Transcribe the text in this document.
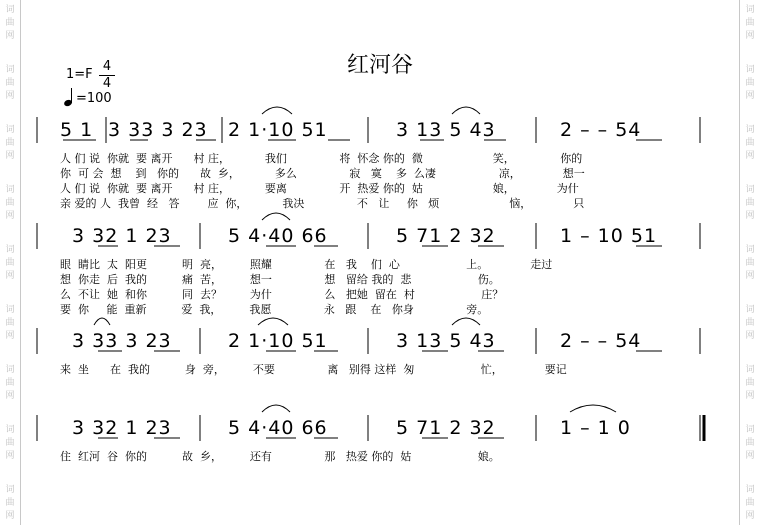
词
曲
网
词
曲
网
词
曲
网
词
曲
网
词
曲
网
词
曲
网
词
曲
网
词
曲
网
词
曲
网
词
曲
网
词
曲
网
词
曲
网
词
曲
网
词
曲
网
词
曲
网
词
曲
网
词
曲
网
词
曲
网
红河谷
1=F
4
4
=100
5 1 3 33 3 23 2 1·10 51	3 13 5 43	2 – – 54
人 们 说  你就  要 离开      村 庄，          我们               将  怀念 你的  微                    笑，             你的
你  可 会  想    到   你的      故  乡，          多么               寂   寞    多  么凄                  凉，            想一
人 们 说  你就  要 离开      村 庄，          要离               开  热爱 你的  姑                    娘，            为什
亲 爱的 人  我曾  经   答        应  你，          我决               不   让     你   烦                    恼，            只
3 32 1 23	5 4·40 66	5 71 2 32	1 – 10 51
眼  睛比  太  阳更          明  亮，        照耀               在   我    们  心                   上。            走过
想  你走  后  我的          痛  苦，        想一               想   留给 我的  悲                   伤。
么  不让  她  和你          同  去？        为什               么   把她  留在  村                   庄？
要  你     能  重新          爱  我，        我愿               永   跟    在   你身               旁。
3 33 3 23	2 1·10 51	3 13 5 43	2 – – 54
来  坐      在  我的          身  旁，        不要               离   别得 这样  匆                   忙，            要记
3 32 1 23	5 4·40 66	5 71 2 32	1 – 1 0
住  红河  谷  你的          故  乡，        还有               那   热爱 你的  姑                   娘。
